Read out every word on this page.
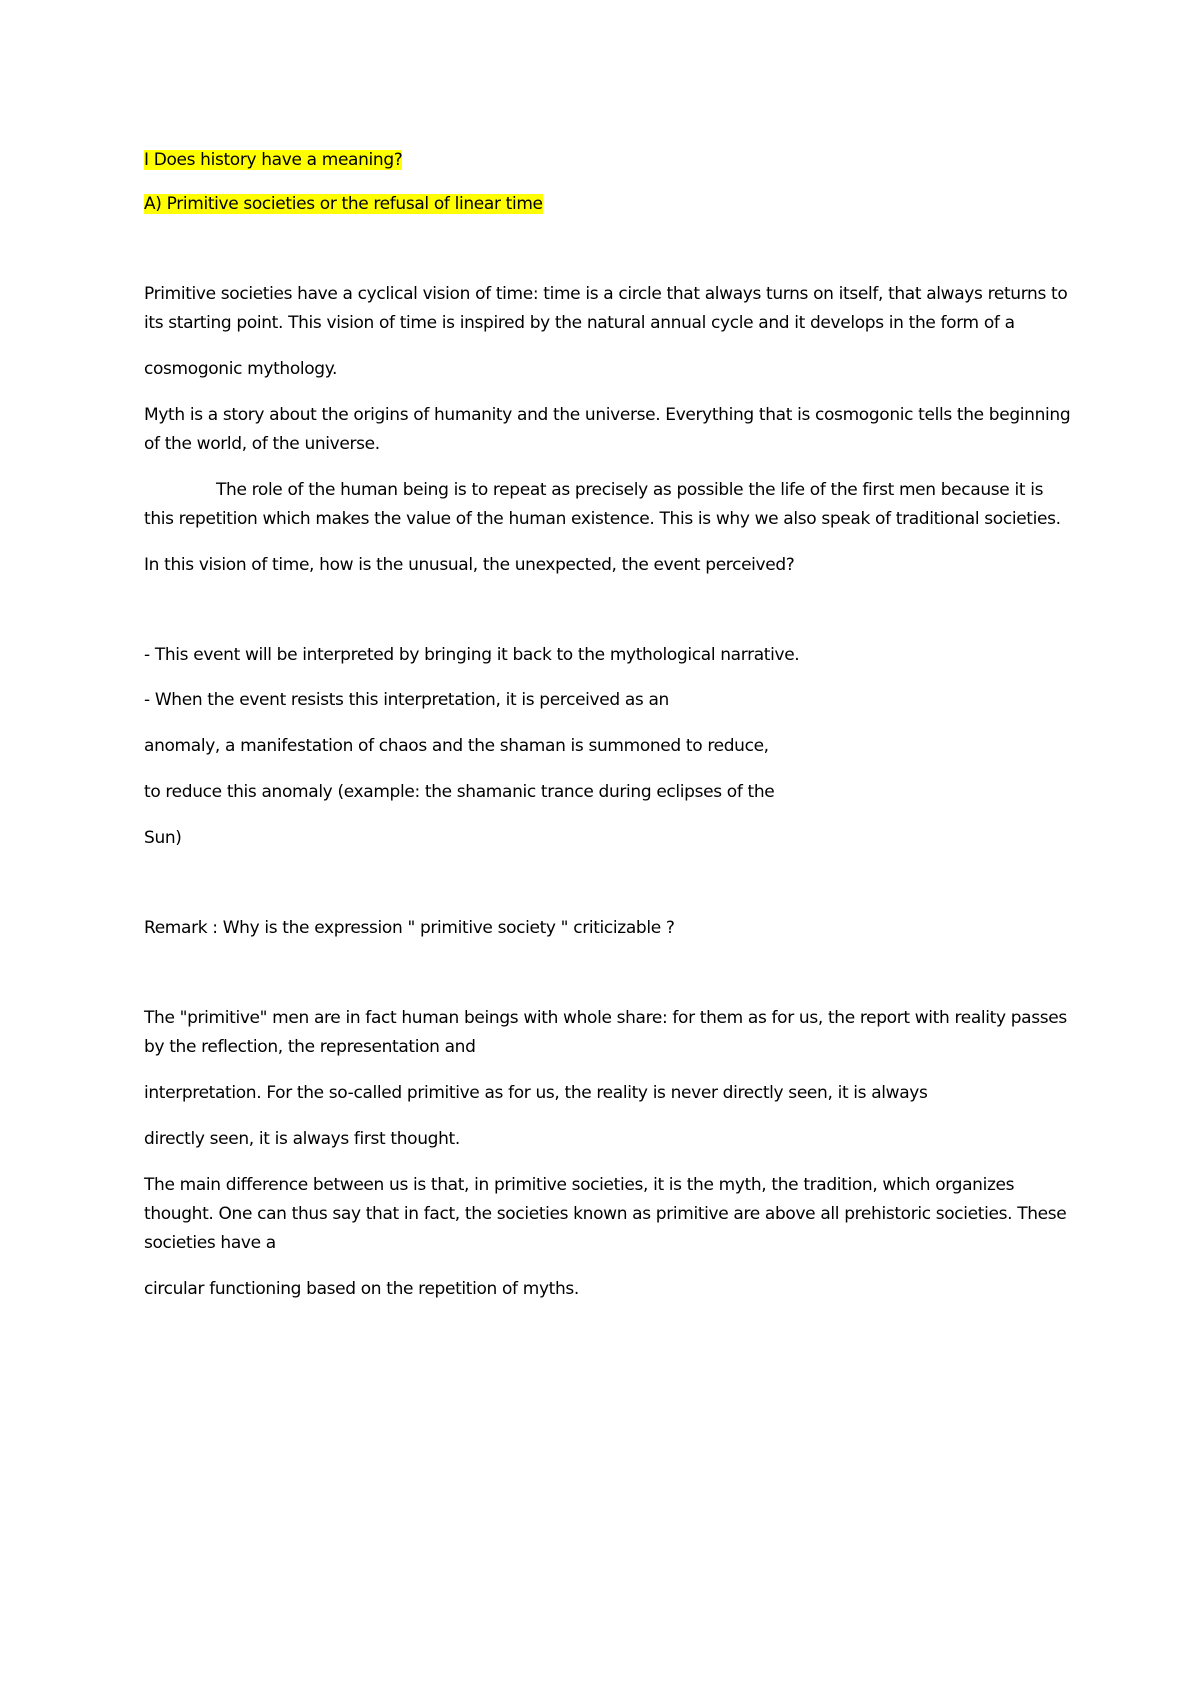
I Does history have a meaning?

A) Primitive societies or the refusal of linear time

Primitive societies have a cyclical vision of time: time is a circle that always turns on itself, that always returns to its starting point. This vision of time is inspired by the natural annual cycle and it develops in the form of a

cosmogonic mythology.

Myth is a story about the origins of humanity and the universe. Everything that is cosmogonic tells the beginning of the world, of the universe.

The role of the human being is to repeat as precisely as possible the life of the first men because it is this repetition which makes the value of the human existence. This is why we also speak of traditional societies.

In this vision of time, how is the unusual, the unexpected, the event perceived?

- This event will be interpreted by bringing it back to the mythological narrative.

- When the event resists this interpretation, it is perceived as an

anomaly, a manifestation of chaos and the shaman is summoned to reduce,

to reduce this anomaly (example: the shamanic trance during eclipses of the

Sun)

Remark : Why is the expression " primitive society " criticizable ?

The "primitive" men are in fact human beings with whole share: for them as for us, the report with reality passes by the reflection, the representation and

interpretation. For the so-called primitive as for us, the reality is never directly seen, it is always

directly seen, it is always first thought.

The main difference between us is that, in primitive societies, it is the myth, the tradition, which organizes thought. One can thus say that in fact, the societies known as primitive are above all prehistoric societies. These societies have a

circular functioning based on the repetition of myths.
